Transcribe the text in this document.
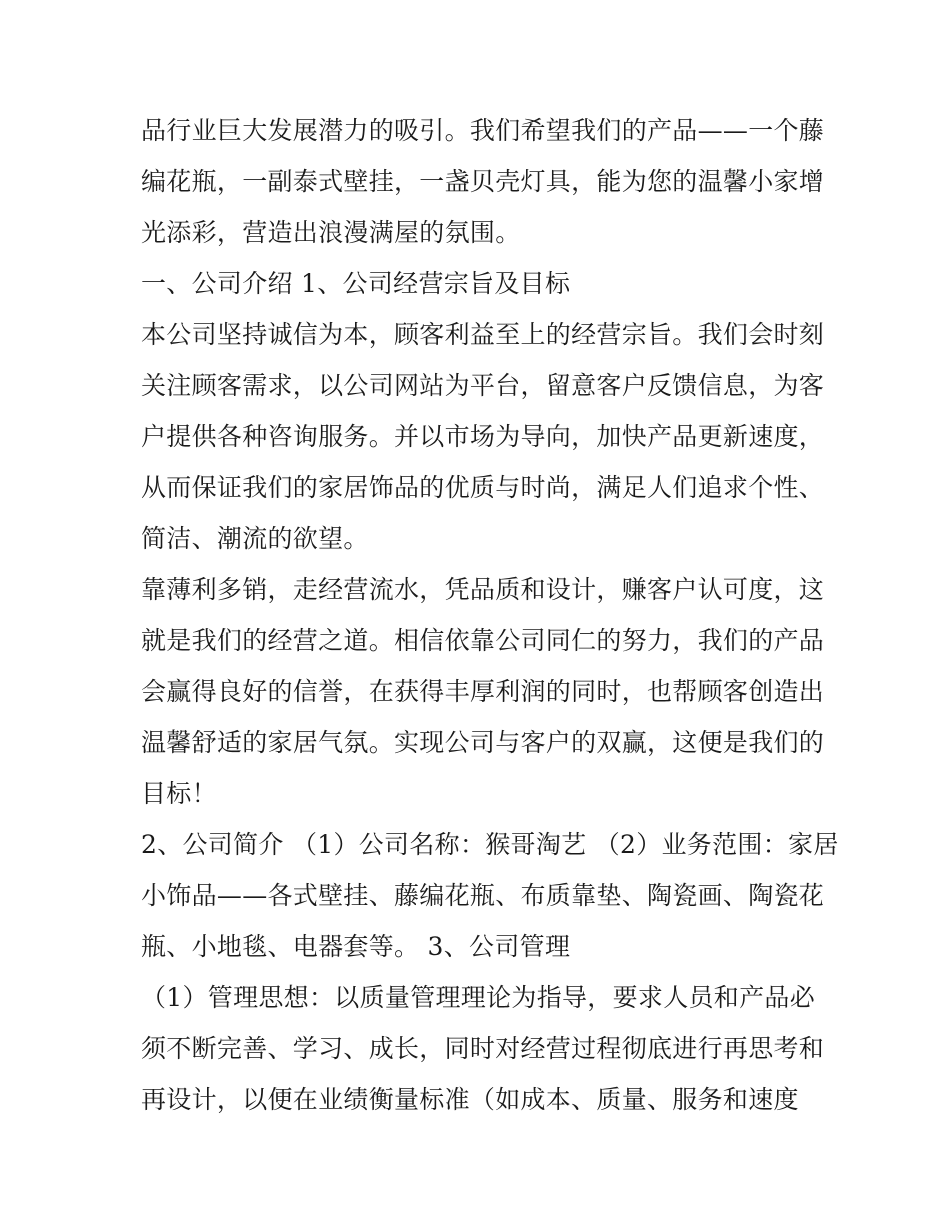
品行业巨大发展潜力的吸引。我们希望我们的产品——一个藤
编花瓶，一副泰式壁挂，一盏贝壳灯具，能为您的温馨小家增
光添彩，营造出浪漫满屋的氛围。
一、公司介绍 1、公司经营宗旨及目标
本公司坚持诚信为本，顾客利益至上的经营宗旨。我们会时刻
关注顾客需求，以公司网站为平台，留意客户反馈信息，为客
户提供各种咨询服务。并以市场为导向，加快产品更新速度，
从而保证我们的家居饰品的优质与时尚，满足人们追求个性、
简洁、潮流的欲望。
靠薄利多销，走经营流水，凭品质和设计，赚客户认可度，这
就是我们的经营之道。相信依靠公司同仁的努力，我们的产品
会赢得良好的信誉，在获得丰厚利润的同时，也帮顾客创造出
温馨舒适的家居气氛。实现公司与客户的双赢，这便是我们的
目标！
2、公司简介 （1）公司名称：猴哥淘艺 （2）业务范围：家居
小饰品——各式壁挂、藤编花瓶、布质靠垫、陶瓷画、陶瓷花
瓶、小地毯、电器套等。 3、公司管理
（1）管理思想：以质量管理理论为指导，要求人员和产品必
须不断完善、学习、成长，同时对经营过程彻底进行再思考和
再设计，以便在业绩衡量标准（如成本、质量、服务和速度
